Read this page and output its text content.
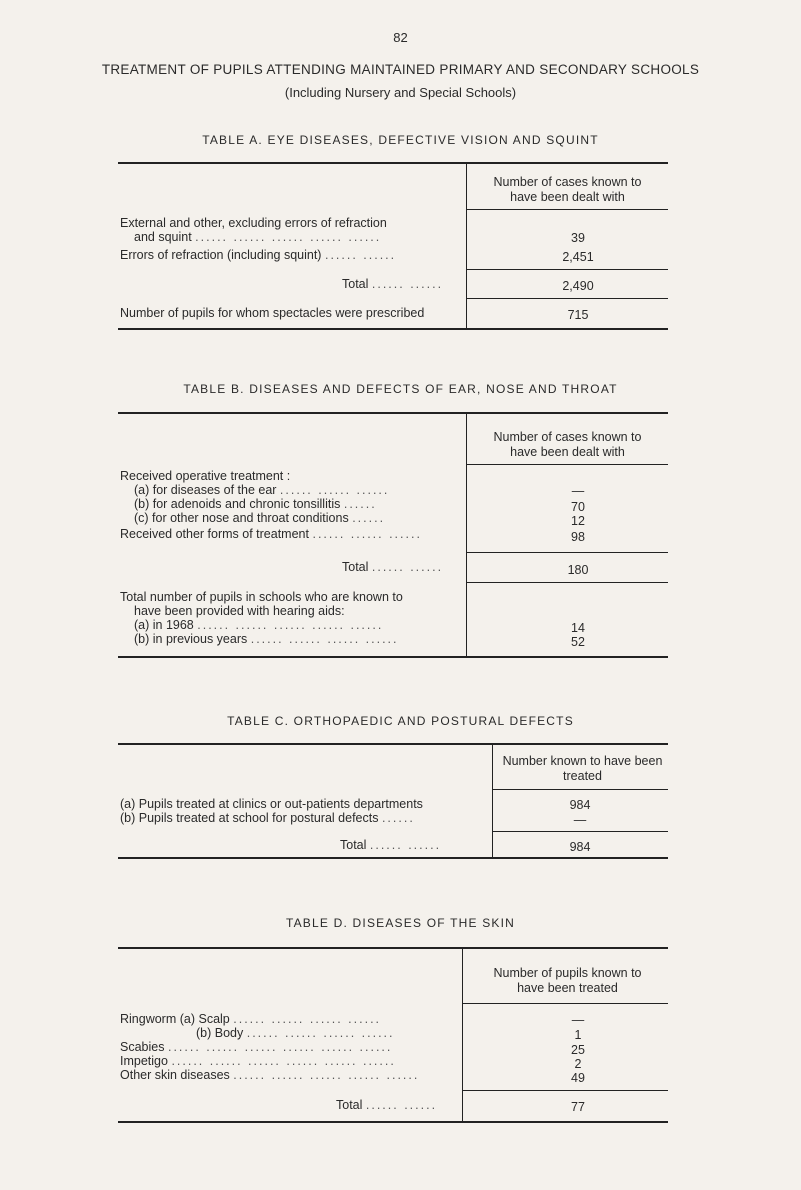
82
TREATMENT OF PUPILS ATTENDING MAINTAINED PRIMARY AND SECONDARY SCHOOLS
(Including Nursery and Special Schools)
TABLE A. EYE DISEASES, DEFECTIVE VISION AND SQUINT
Number of cases known to have been dealt with
External and other, excluding errors of refraction
and squint ...... ...... ...... ...... ......	39
Errors of refraction (including squint) ...... ......	2,451
Total ...... ......	2,490
Number of pupils for whom spectacles were prescribed	715
TABLE B. DISEASES AND DEFECTS OF EAR, NOSE AND THROAT
Number of cases known to have been dealt with
Received operative treatment :
(a) for diseases of the ear ...... ...... ......	—
(b) for adenoids and chronic tonsillitis ......	70
(c) for other nose and throat conditions ......	12
Received other forms of treatment ...... ...... ......	98
Total ...... ......	180
Total number of pupils in schools who are known to
have been provided with hearing aids:
(a) in 1968 ...... ...... ...... ...... ......	14
(b) in previous years ...... ...... ...... ......	52
TABLE C. ORTHOPAEDIC AND POSTURAL DEFECTS
Number known to have been treated
(a) Pupils treated at clinics or out-patients departments	984
(b) Pupils treated at school for postural defects ......	—
Total ...... ......	984
TABLE D. DISEASES OF THE SKIN
Number of pupils known to have been treated
Ringworm (a) Scalp ...... ...... ...... ......	—
(b) Body ...... ...... ...... ......	1
Scabies ...... ...... ...... ...... ...... ......	25
Impetigo ...... ...... ...... ...... ...... ......	2
Other skin diseases ...... ...... ...... ...... ......	49
Total ...... ......	77
